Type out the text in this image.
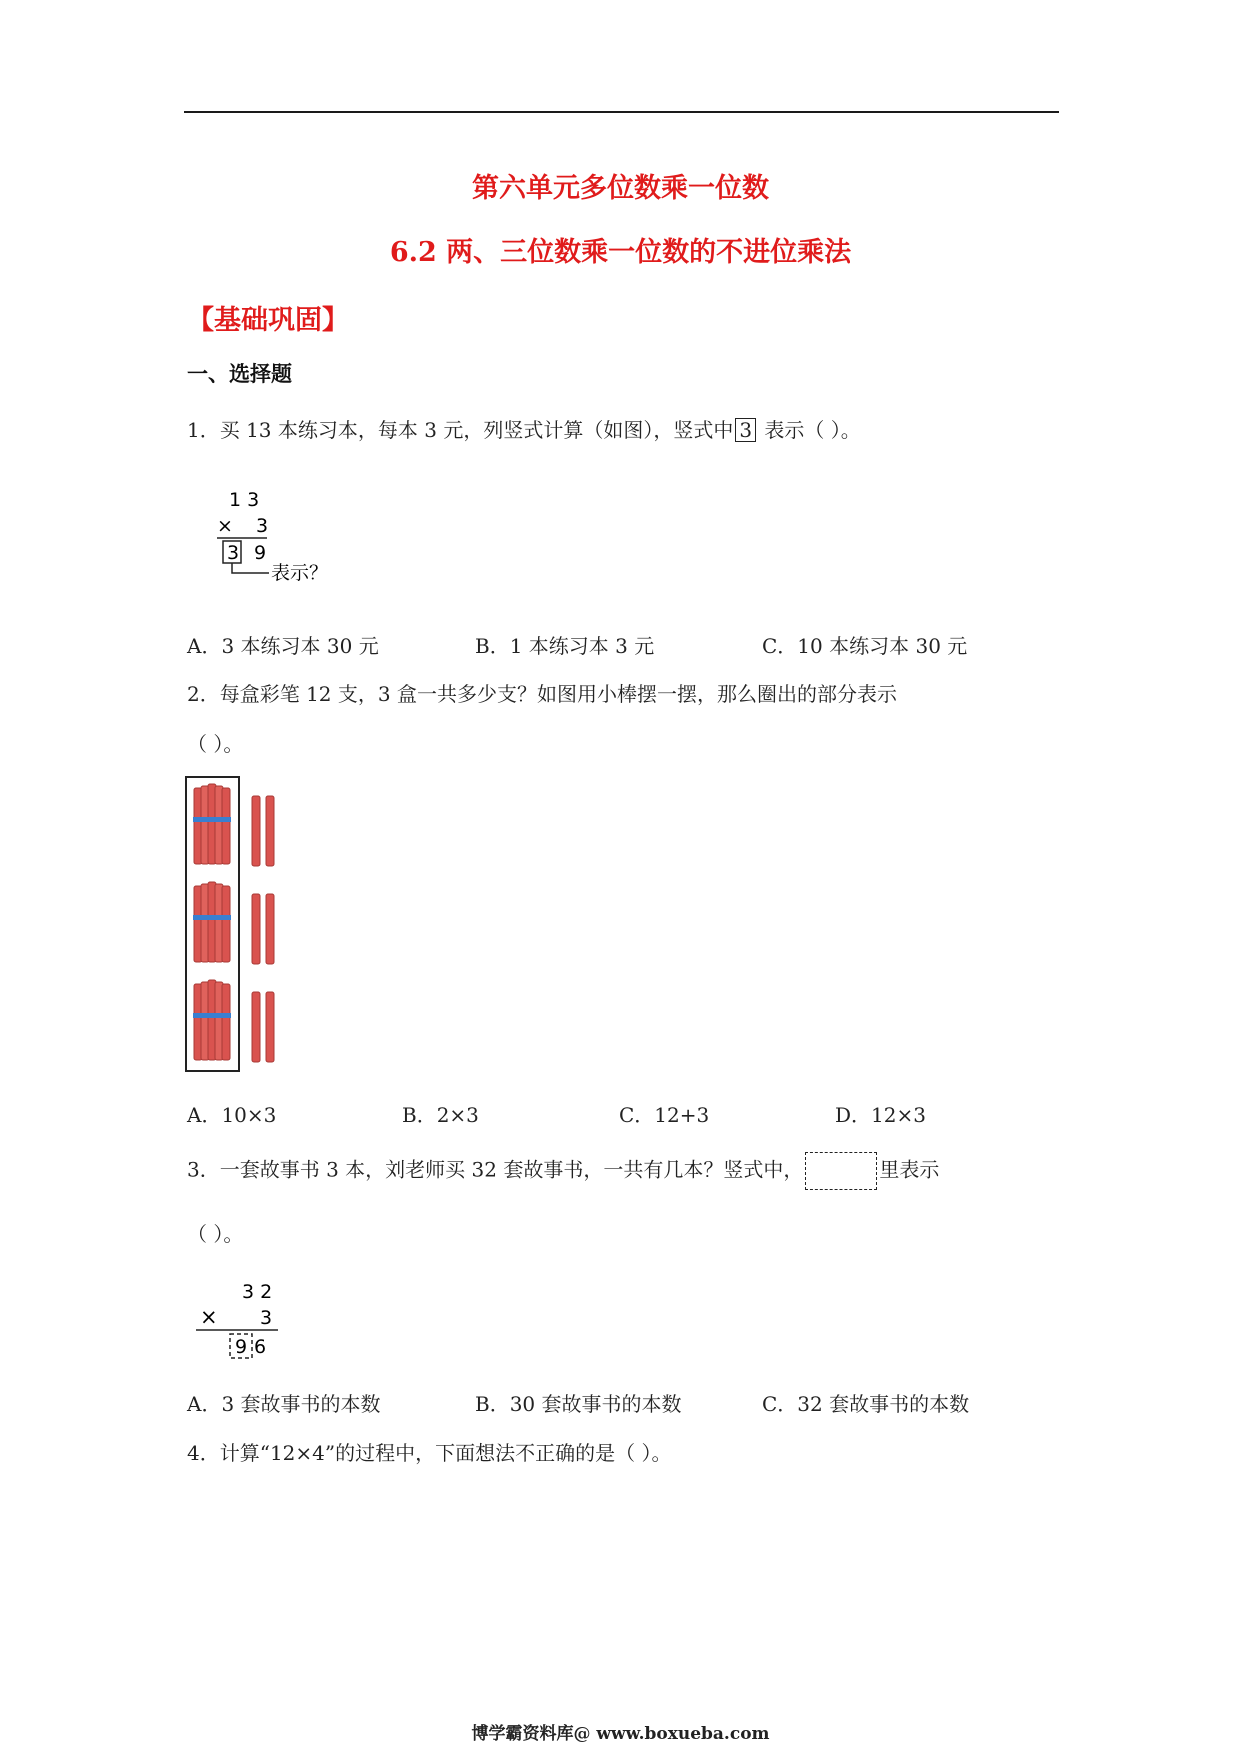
第六单元多位数乘一位数
6.2 两、三位数乘一位数的不进位乘法
【基础巩固】
一、选择题
1．买 13 本练习本，每本 3 元，列竖式计算（如图），竖式中 3 表示（ ）。
1 3
× 3
3 9
表示？
A．3 本练习本 30 元	B．1 本练习本 3 元	C．10 本练习本 30 元
2．每盒彩笔 12 支，3 盒一共多少支？如图用小棒摆一摆，那么圈出的部分表示
（ ）。
A．10×3	B．2×3	C．12+3	D．12×3
3．一套故事书 3 本，刘老师买 32 套故事书，一共有几本？竖式中，	里表示
（ ）。
3 2
× 3
9 6
A．3 套故事书的本数	B．30 套故事书的本数	C．32 套故事书的本数
4．计算“12×4”的过程中，下面想法不正确的是（ ）。
博学霸资料库@ www.boxueba.com
